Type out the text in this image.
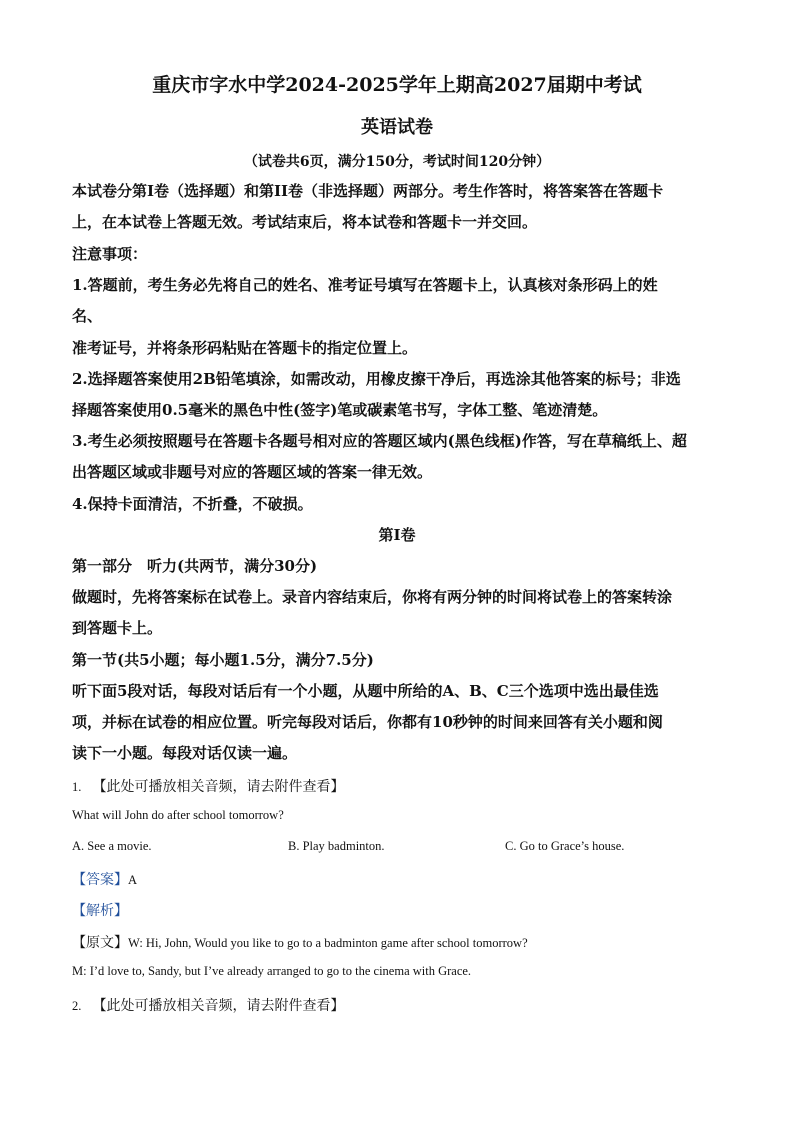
重庆市字水中学2024-2025学年上期高2027届期中考试
英语试卷
（试卷共6页，满分150分，考试时间120分钟）
本试卷分第I卷（选择题）和第II卷（非选择题）两部分。考生作答时，将答案答在答题卡
上，在本试卷上答题无效。考试结束后，将本试卷和答题卡一并交回。
注意事项：
1.答题前，考生务必先将自己的姓名、准考证号填写在答题卡上，认真核对条形码上的姓
名、
准考证号，并将条形码粘贴在答题卡的指定位置上。
2.选择题答案使用2B铅笔填涂，如需改动，用橡皮擦干净后，再选涂其他答案的标号；非选
择题答案使用0.5毫米的黑色中性(签字)笔或碳素笔书写，字体工整、笔迹清楚。
3.考生必须按照题号在答题卡各题号相对应的答题区域内(黑色线框)作答，写在草稿纸上、超
出答题区域或非题号对应的答题区域的答案一律无效。
4.保持卡面清洁，不折叠，不破损。
第I卷
第一部分　听力(共两节，满分30分)
做题时，先将答案标在试卷上。录音内容结束后，你将有两分钟的时间将试卷上的答案转涂
到答题卡上。
第一节(共5小题；每小题1.5分，满分7.5分)
听下面5段对话，每段对话后有一个小题，从题中所给的A、B、C三个选项中选出最佳选
项，并标在试卷的相应位置。听完每段对话后，你都有10秒钟的时间来回答有关小题和阅
读下一小题。每段对话仅读一遍。
1. 【此处可播放相关音频，请去附件查看】
What will John do after school tomorrow?
A. See a movie.	B. Play badminton.	C. Go to Grace’s house.
【答案】A
【解析】
【原文】W: Hi, John, Would you like to go to a badminton game after school tomorrow?
M: I’d love to, Sandy, but I’ve already arranged to go to the cinema with Grace.
2. 【此处可播放相关音频，请去附件查看】
